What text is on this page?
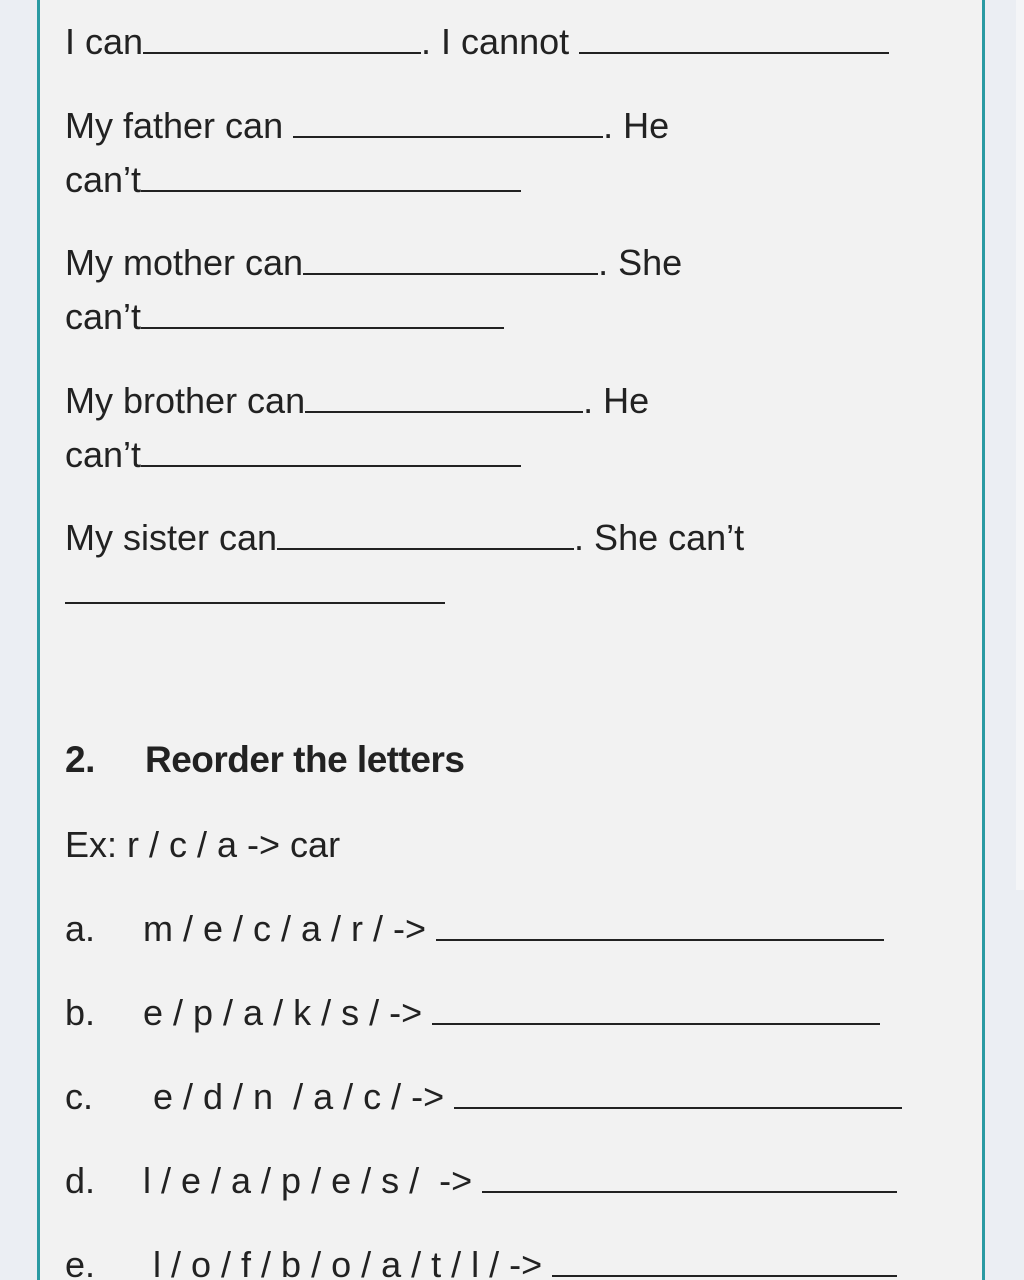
I can	. I cannot
My father can	. He
can’t
My mother can	. She
can’t
My brother can	. He
can’t
My sister can	. She can’t
2. Reorder the letters
Ex: r / c / a -> car
a. m / e / c / a / r / ->
b. e / p / a / k / s / ->
c. e / d / n  / a / c / ->
d. l / e / a / p / e / s /  ->
e. l / o / f / b / o / a / t / l / ->
